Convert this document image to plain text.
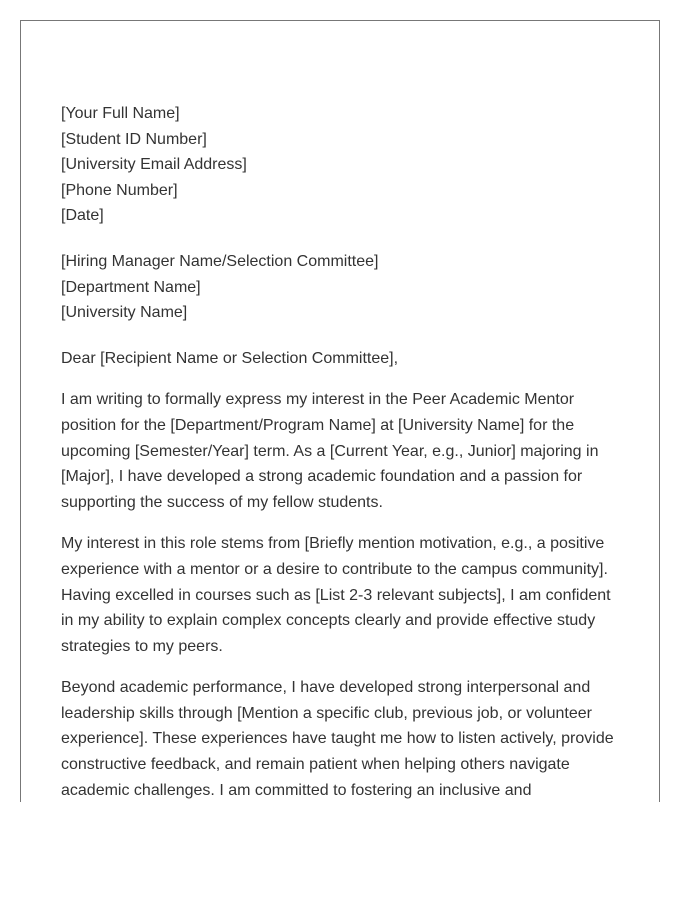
[Your Full Name]
[Student ID Number]
[University Email Address]
[Phone Number]
[Date]
[Hiring Manager Name/Selection Committee]
[Department Name]
[University Name]
Dear [Recipient Name or Selection Committee],
I am writing to formally express my interest in the Peer Academic Mentor
position for the [Department/Program Name] at [University Name] for the
upcoming [Semester/Year] term. As a [Current Year, e.g., Junior] majoring in
[Major], I have developed a strong academic foundation and a passion for
supporting the success of my fellow students.
My interest in this role stems from [Briefly mention motivation, e.g., a positive
experience with a mentor or a desire to contribute to the campus community].
Having excelled in courses such as [List 2-3 relevant subjects], I am confident
in my ability to explain complex concepts clearly and provide effective study
strategies to my peers.
Beyond academic performance, I have developed strong interpersonal and
leadership skills through [Mention a specific club, previous job, or volunteer
experience]. These experiences have taught me how to listen actively, provide
constructive feedback, and remain patient when helping others navigate
academic challenges. I am committed to fostering an inclusive and
